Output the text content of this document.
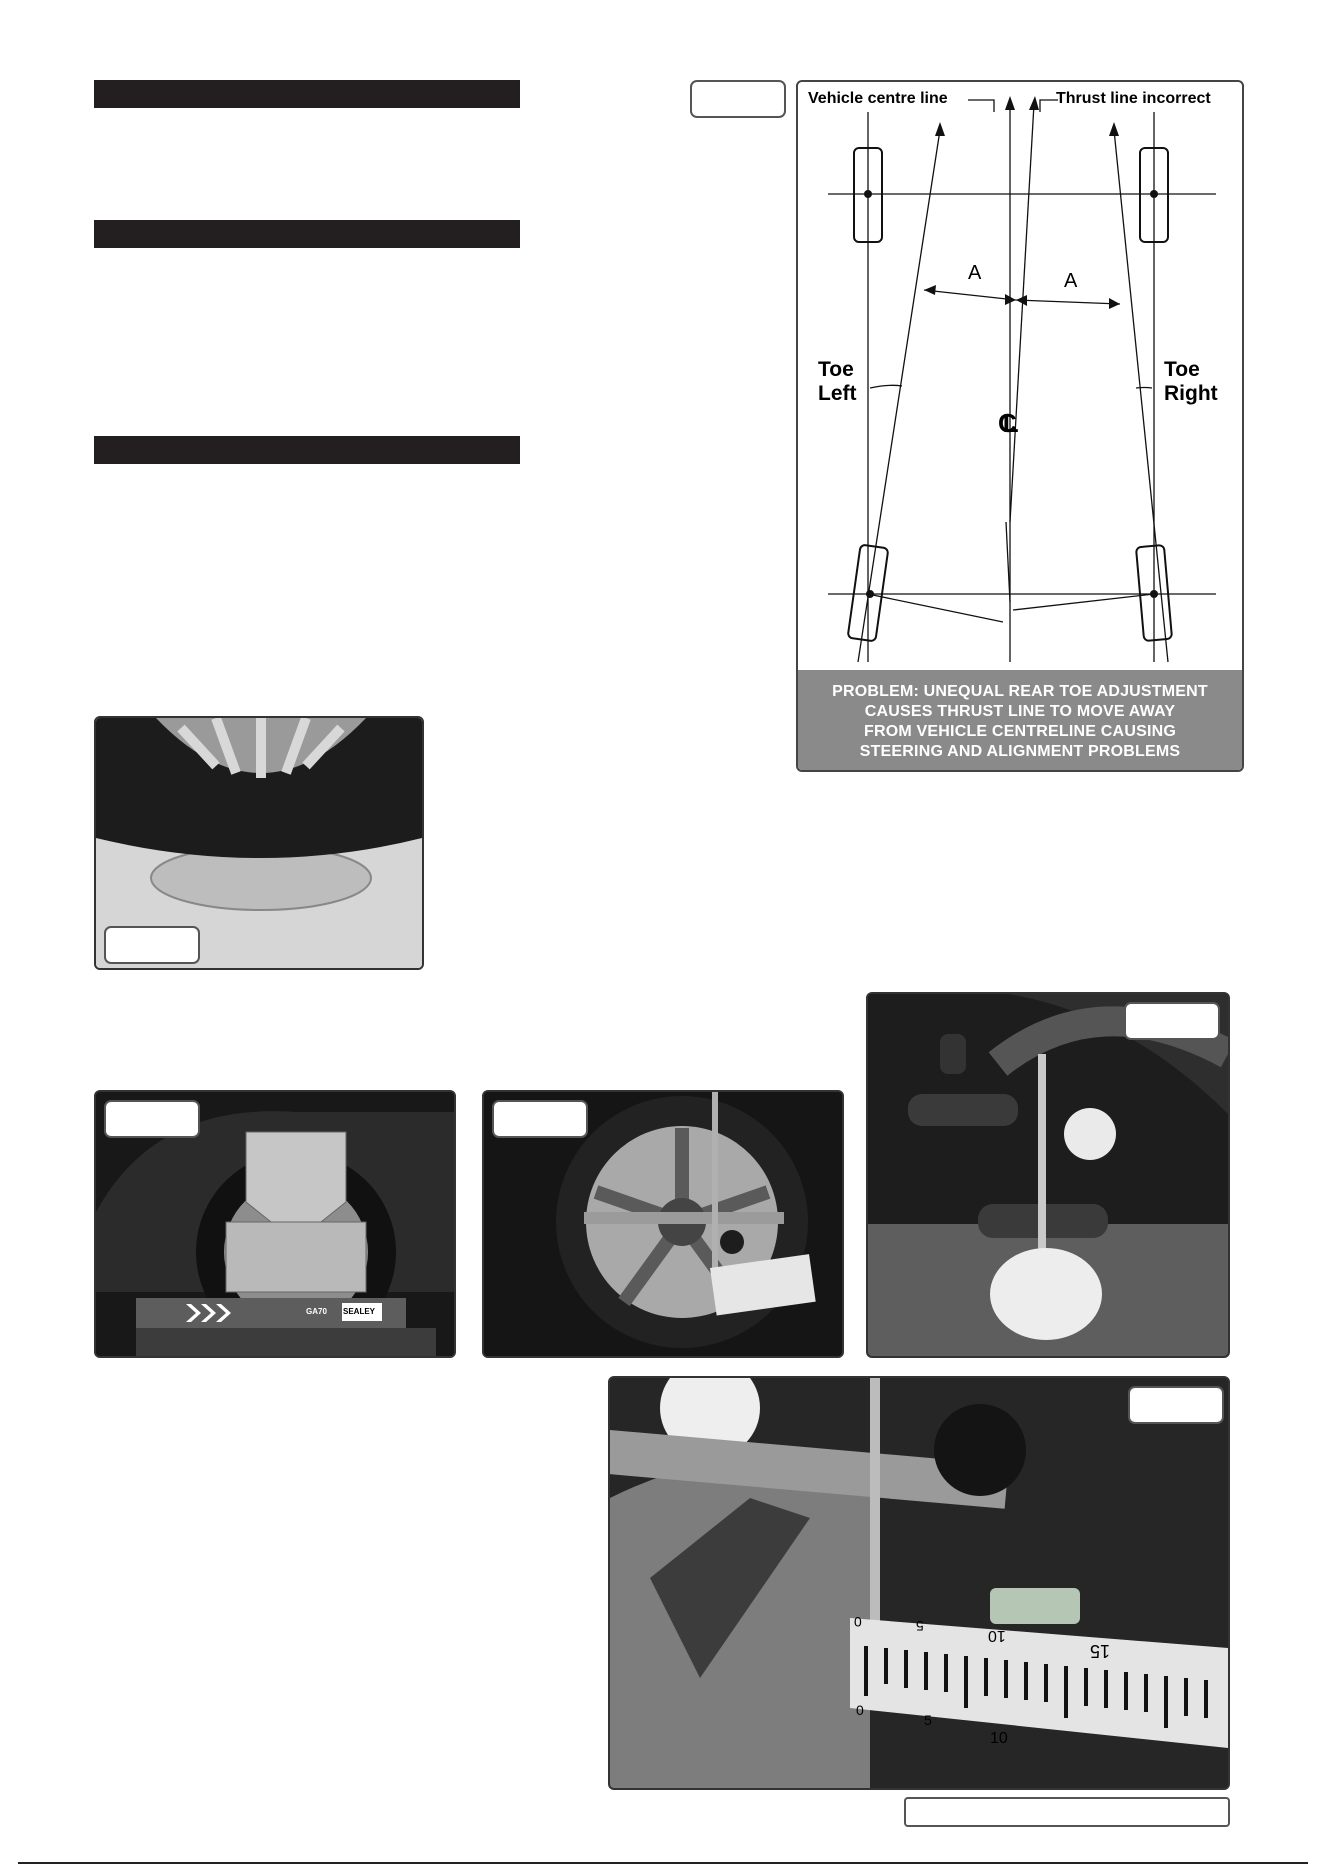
Vehicle centre line	Thrust line incorrect
A	A
Toe
Left
Toe
Right
CL
PROBLEM: UNEQUAL REAR TOE ADJUSTMENT
CAUSES THRUST LINE TO MOVE AWAY
FROM VEHICLE CENTRELINE CAUSING
STEERING AND ALIGNMENT PROBLEMS
GA70 SEALEY
0	5
10
15
0
5
10
